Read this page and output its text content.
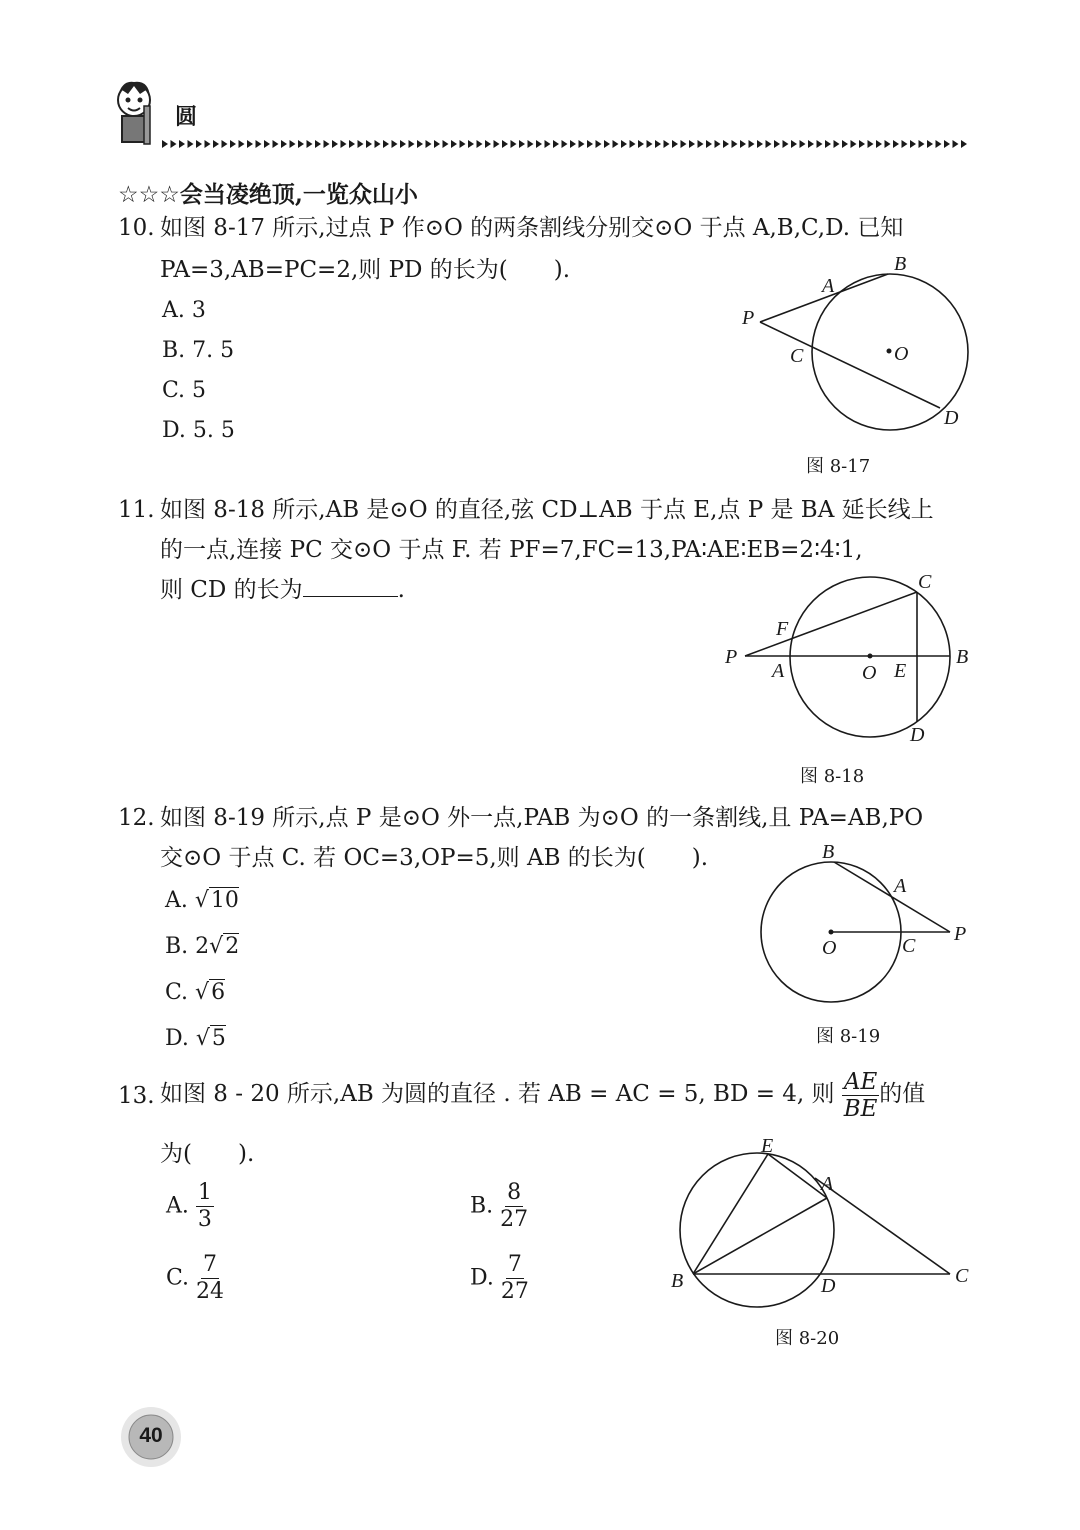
圆
☆☆☆会当凌绝顶,一览众山小
10. 如图 8-17 所示,过点 P 作⊙O 的两条割线分别交⊙O 于点 A,B,C,D. 已知
PA=3,AB=PC=2,则 PD 的长为(　　).
A. 3
B. 7. 5
C. 5
D. 5. 5
B
A
P
C	O
D
图 8-17
11. 如图 8-18 所示,AB 是⊙O 的直径,弦 CD⊥AB 于点 E,点 P 是 BA 延长线上
的一点,连接 PC 交⊙O 于点 F. 若 PF=7,FC=13,PA∶AE∶EB=2∶4∶1,
则 CD 的长为	.	C
F
P
A	O E
B
D
图 8-18
12. 如图 8-19 所示,点 P 是⊙O 外一点,PAB 为⊙O 的一条割线,且 PA=AB,PO
交⊙O 于点 C. 若 OC=3,OP=5,则 AB 的长为(　　).
A. √10
B. 2√2
C. √6
D. √5
B
A
O	C
P
图 8-19
13. 如图 8 - 20 所示,AB 为圆的直径 . 若 AB = AC = 5, BD = 4, 则 $\frac{AE}{BE}$ 的值
为(　　).
A. $\frac{1}{3}$	B. $\frac{8}{27}$
C. $\frac{7}{24}$	D. $\frac{7}{27}$
E
A
B	D	C
图 8-20
40
